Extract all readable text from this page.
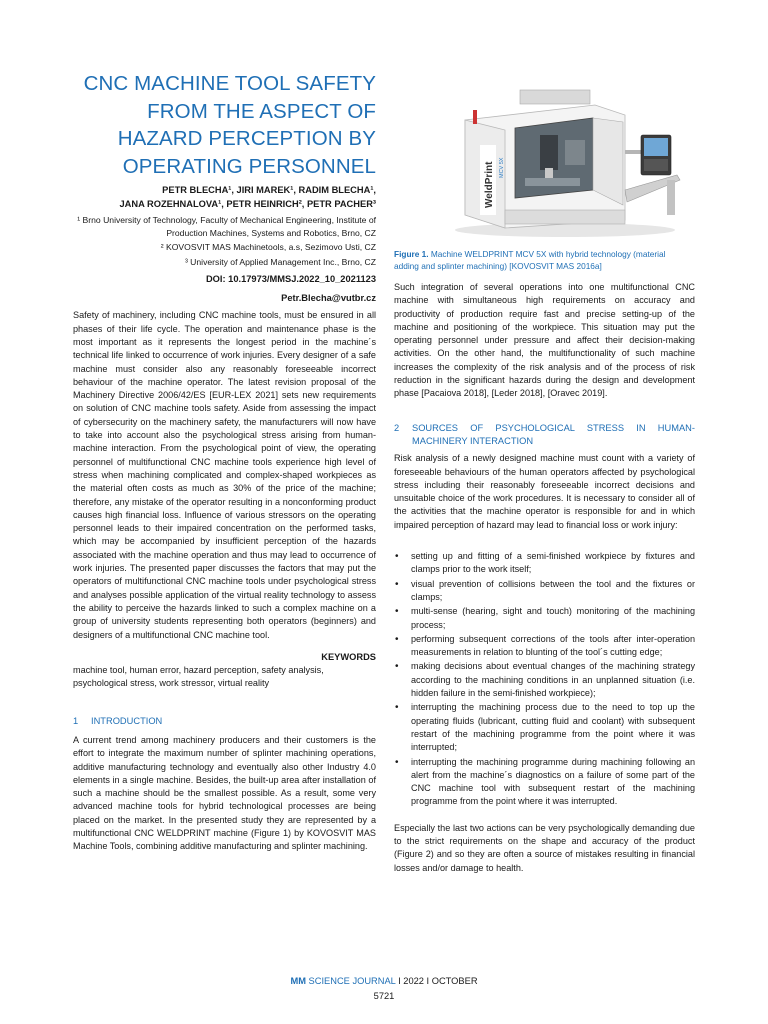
CNC MACHINE TOOL SAFETY FROM THE ASPECT OF HAZARD PERCEPTION BY OPERATING PERSONNEL
PETR BLECHA¹, JIRI MAREK¹, RADIM BLECHA¹,
JANA ROZEHNALOVA¹, PETR HEINRICH², PETR PACHER³
¹ Brno University of Technology, Faculty of Mechanical Engineering, Institute of Production Machines, Systems and Robotics, Brno, CZ
² KOVOSVIT MAS Machinetools, a.s, Sezimovo Usti, CZ
³ University of Applied Management Inc., Brno, CZ
DOI: 10.17973/MMSJ.2022_10_2021123
Petr.Blecha@vutbr.cz

Safety of machinery, including CNC machine tools, must be ensured in all phases of their life cycle. The operation and maintenance phase is the most important as it represents the longest period in the machine´s technical life linked to occurrence of work injuries. Every designer of a safe machine must consider also any reasonably foreseeable incorrect behaviour of the machine operator. The latest revision proposal of the Machinery Directive 2006/42/ES [EUR-LEX 2021] sets new requirements on solution of CNC machine tools safety. Aside from assessing the impact of cybersecurity on the machinery safety, the manufacturers will now have to take into account also the psychological stress arising from human-machine interaction. From the psychological point of view, the operating personnel of multifunctional CNC machine tools experience high level of stress when machining complicated and complex-shaped workpieces as the material often costs as much as 30% of the price of the machine; therefore, any mistake of the operator resulting in a nonconforming product causes high financial loss. Influence of various stressors on the operating personnel leads to their impaired concentration on the performed tasks, which may be accompanied by insufficient perception of the hazards associated with the machine operation and thus may lead to occurrence of work injuries. The presented paper discusses the factors that may put the operators of multifunctional CNC machine tools under psychological stress and analyses possible application of the virtual reality technology to assess the ability to perceive the hazards linked to such a complex machine on a group of university students representing both operators (beginners) and designers of a multifunctional CNC machine tool.

KEYWORDS

machine tool, human error, hazard perception, safety analysis, psychological stress, work stressor, virtual reality

1 INTRODUCTION

A current trend among machinery producers and their customers is the effort to integrate the maximum number of splinter machining operations, additive manufacturing technology and eventually also other Industry 4.0 elements in a single machine. Besides, the built-up area after installation of such a machine should be the smallest possible. As a result, some very advanced machine tools for hybrid technological processes are being placed on the market. In the presented study they are represented by a multifunctional CNC WELDPRINT machine (Figure 1) by KOVOSVIT MAS Machine Tools, combining additive manufacturing and splinter machining.

WeldPrint MCV 5X
Figure 1. Machine WELDPRINT MCV 5X with hybrid technology (material adding and splinter machining) [KOVOSVIT MAS 2016a]

Such integration of several operations into one multifunctional CNC machine with simultaneous high requirements on accuracy and productivity of production require fast and precise setting-up of the machine and positioning of the workpiece. This situation may put the operating personnel under pressure and affect their decision-making activities. On the other hand, the multifunctionality of such machine increases the complexity of the risk analysis and of the process of risk reduction in the significant hazards during the design and development phase [Pacaiova 2018], [Leder 2018], [Oravec 2019].

2	SOURCES OF PSYCHOLOGICAL STRESS IN HUMAN-MACHINERY INTERACTION

Risk analysis of a newly designed machine must count with a variety of foreseeable behaviours of the human operators affected by psychological stress including their reasonably foreseeable incorrect decisions and unsuitable choice of the work procedures. It is necessary to consider all of the activities that the machine operator is responsible for and in which impaired perception of hazard may lead to financial loss or work injury:

• setting up and fitting of a semi-finished workpiece by fixtures and clamps prior to the work itself;
• visual prevention of collisions between the tool and the fixtures or clamps;
• multi-sense (hearing, sight and touch) monitoring of the machining process;
• performing subsequent corrections of the tools after inter-operation measurements in relation to blunting of the tool´s cutting edge;
• making decisions about eventual changes of the machining strategy according to the machining conditions in an unplanned situation (i.e. hidden failure in the semi-finished workpiece);
• interrupting the machining process due to the need to top up the operating fluids (lubricant, cutting fluid and coolant) with subsequent restart of the machining programme from the point where it was interrupted;
• interrupting the machining programme during machining following an alert from the machine´s diagnostics on a failure of some part of the CNC machine tool with subsequent restart of the machining programme from the point where it was interrupted.

Especially the last two actions can be very psychologically demanding due to the strict requirements on the shape and accuracy of the product (Figure 2) and so they are often a source of mistakes resulting in financial losses and/or damage to health.

MM SCIENCE JOURNAL I 2022 I OCTOBER
5721
